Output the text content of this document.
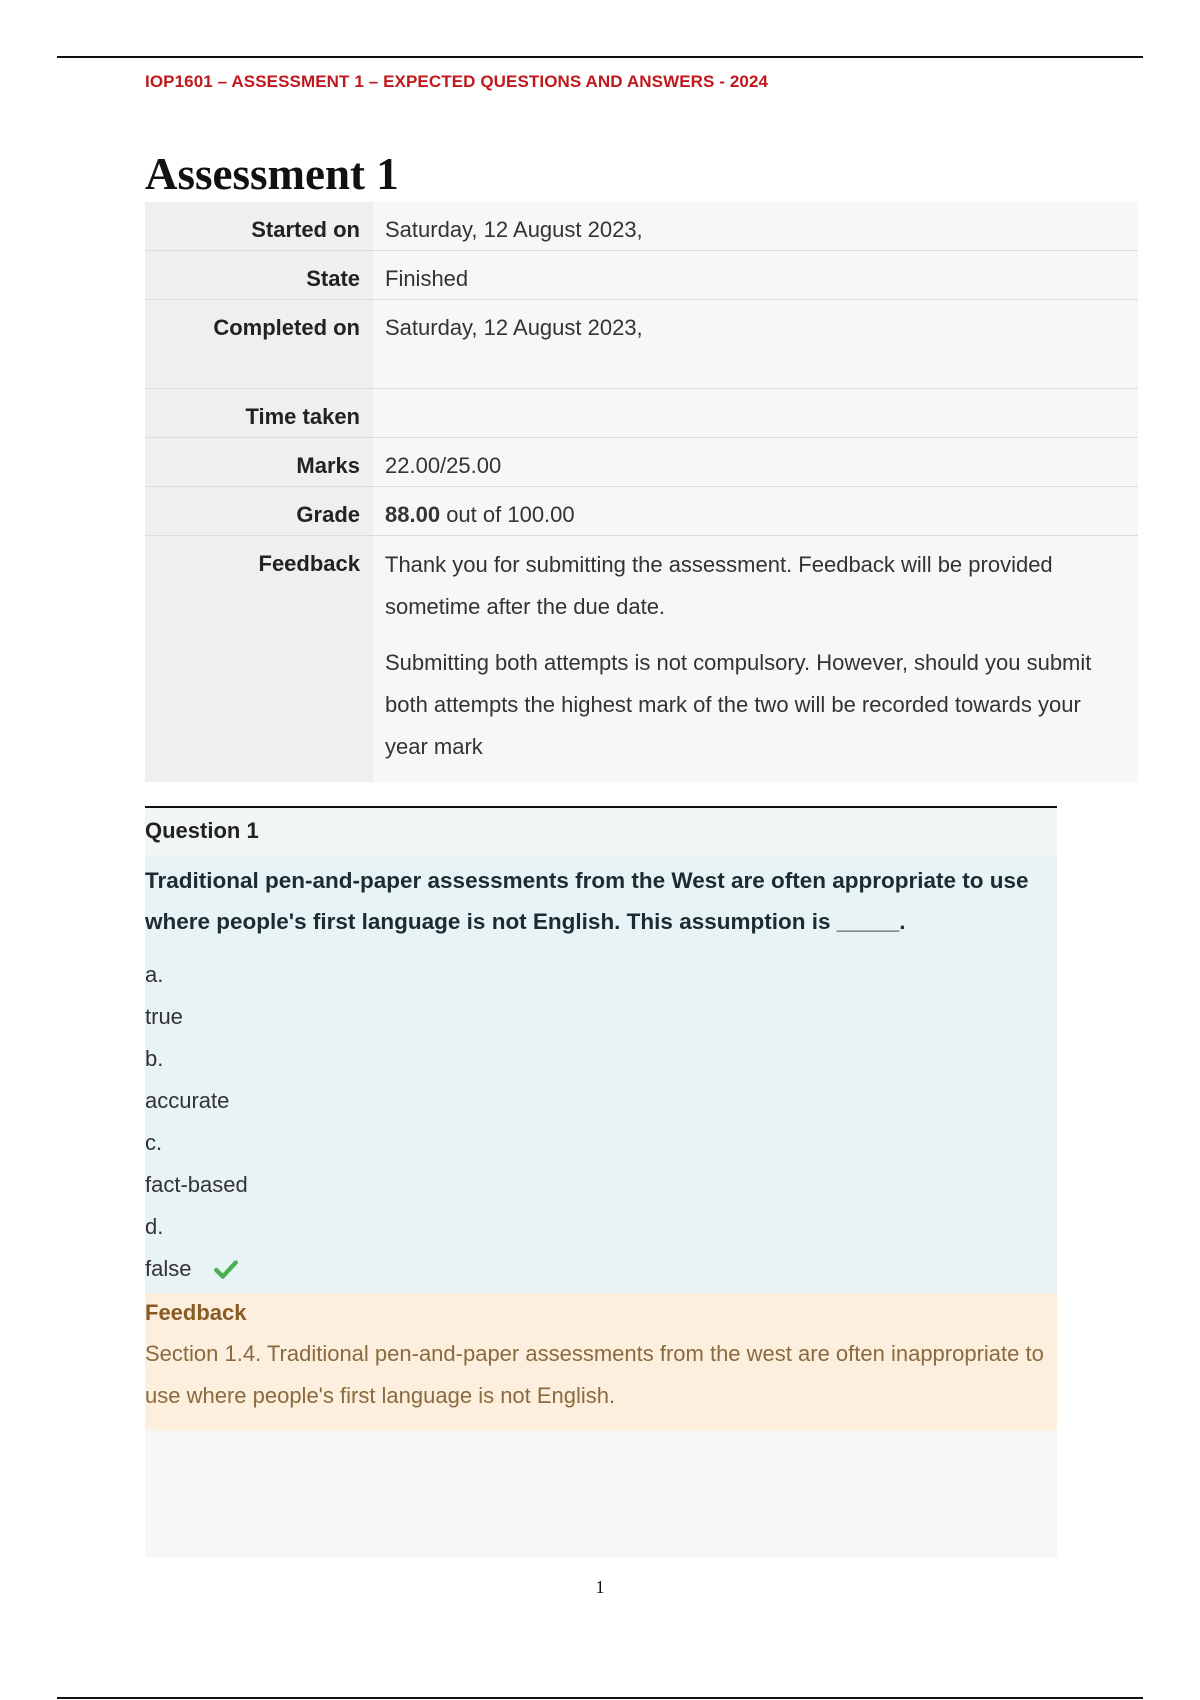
IOP1601 – ASSESSMENT 1 – EXPECTED QUESTIONS AND ANSWERS - 2024
Assessment 1
Started on	Saturday, 12 August 2023,
State	Finished
Completed on	Saturday, 12 August 2023,
Time taken	
Marks	22.00/25.00
Grade	88.00 out of 100.00
Feedback	Thank you for submitting the assessment. Feedback will be provided sometime after the due date.

Submitting both attempts is not compulsory. However, should you submit both attempts the highest mark of the two will be recorded towards your year mark

Question 1
Traditional pen-and-paper assessments from the West are often appropriate to use where people's first language is not English. This assumption is _____.
a.
true
b.
accurate
c.
fact-based
d.
false
Feedback
Section 1.4. Traditional pen-and-paper assessments from the west are often inappropriate to use where people's first language is not English.
1
